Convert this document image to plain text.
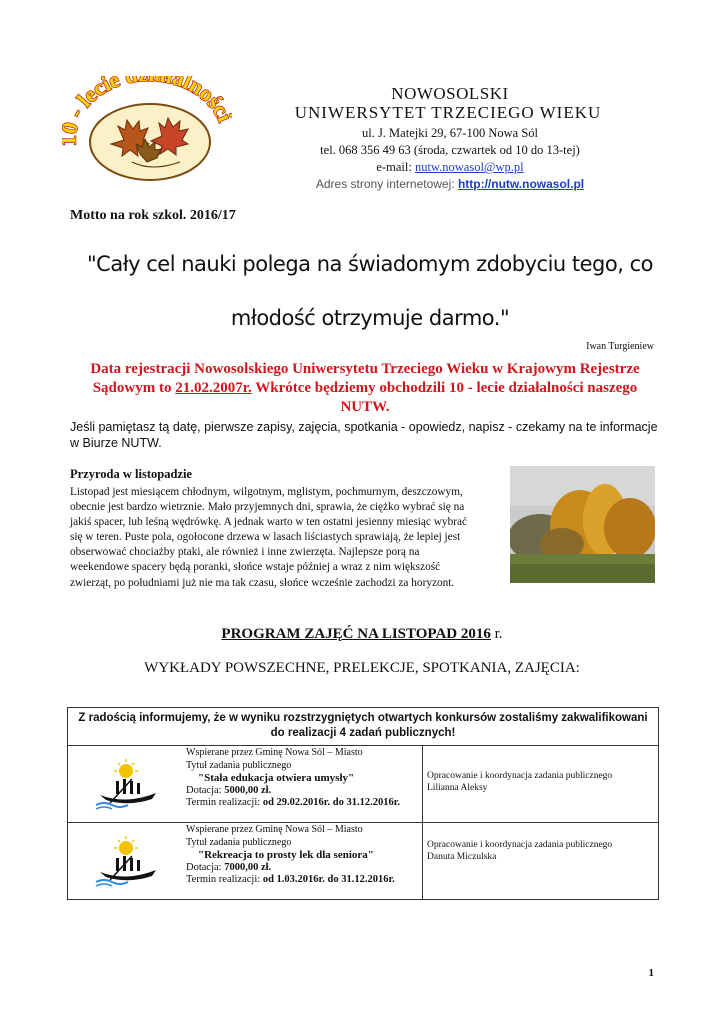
- lecie alnośc
NOWOSOLSKI
UNIWERSYTET TRZECIEGO WIEKU
ul. J. Matejki 29, 67-100 Nowa Sól
tel. 068 356 49 63 (środa, czwartek od 10 do 13-tej)
e-mail: nutw.nowasol@wp.pl
Adres strony internetowej: http://nutw.nowasol.pl
Motto na rok szkol. 2016/17
"Cały cel nauki polega na świadomym zdobyciu tego, co
młodość otrzymuje darmo."
Iwan Turgieniew
Data rejestracji Nowosolskiego Uniwersytetu Trzeciego Wieku w Krajowym Rejestrze Sądowym to 21.02.2007r. Wkrótce będziemy obchodzili 10 - lecie działalności naszego NUTW.
Jeśli pamiętasz tą datę, pierwsze zapisy, zajęcia, spotkania - opowiedz, napisz - czekamy na te informacje w Biurze NUTW.
Przyroda w listopadzie
Listopad jest miesiącem chłodnym, wilgotnym, mglistym, pochmurnym, deszczowym,
obecnie jest bardzo wietrznie. Mało przyjemnych dni, sprawia, że ciężko wybrać się na
jakiś spacer, lub leśną wędrówkę. A jednak warto w ten ostatni jesienny miesiąc wybrać
się w teren. Puste pola, ogołocone drzewa w lasach liściastych sprawiają, że lepiej jest
obserwować chociażby ptaki, ale również i inne zwierzęta. Najlepsze porą na
weekendowe spacery będą poranki, słońce wstaje później a wraz z nim większość
zwierząt, po południami już nie ma tak czasu, słońce wcześnie zachodzi za horyzont.
PROGRAM ZAJĘĆ NA LISTOPAD 2016 r.
WYKŁADY POWSZECHNE, PRELEKCJE, SPOTKANIA, ZAJĘCIA:
Z radością informujemy, że w wyniku rozstrzygniętych otwartych konkursów zostaliśmy zakwalifikowani do realizacji 4 zadań publicznych!
Wspierane przez Gminę Nowa Sól – Miasto
Tytuł zadania publicznego
"Stała edukacja otwiera umysły"
Dotacja: 5000,00 zł.
Termin realizacji: od 29.02.2016r. do 31.12.2016r.
Opracowanie i koordynacja zadania publicznego
Lilianna Aleksy
Wspierane przez Gminę Nowa Sól – Miasto
Tytuł zadania publicznego
"Rekreacja to prosty lek dla seniora"
Dotacja: 7000,00 zł.
Termin realizacji: od 1.03.2016r. do 31.12.2016r.
Opracowanie i koordynacja zadania publicznego
Danuta Miczulska
1
